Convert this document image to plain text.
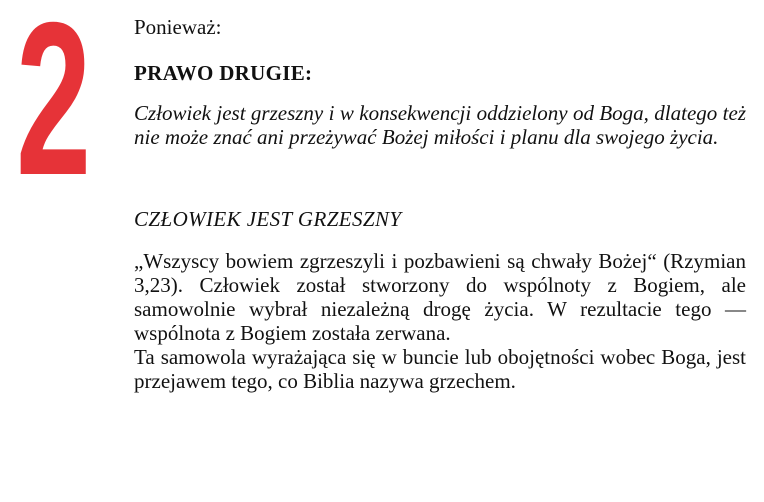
2 Ponieważ:

PRAWO DRUGIE:

Człowiek jest grzeszny i w konsekwencji oddzielony od Boga, dlatego też nie może znać ani przeżywać Bożej miłości i planu dla swojego życia.

CZŁOWIEK JEST GRZESZNY

„Wszyscy bowiem zgrzeszyli i pozbawieni są chwały Bożej“ (Rzymian 3,23). Człowiek został stworzony do wspólnoty z Bogiem, ale samowolnie wybrał niezależną drogę życia. W rezultacie tego — wspólnota z Bogiem została zerwana.
Ta samowola wyrażająca się w buncie lub obojętności wobec Boga, jest przejawem tego, co Biblia nazywa grzechem.
